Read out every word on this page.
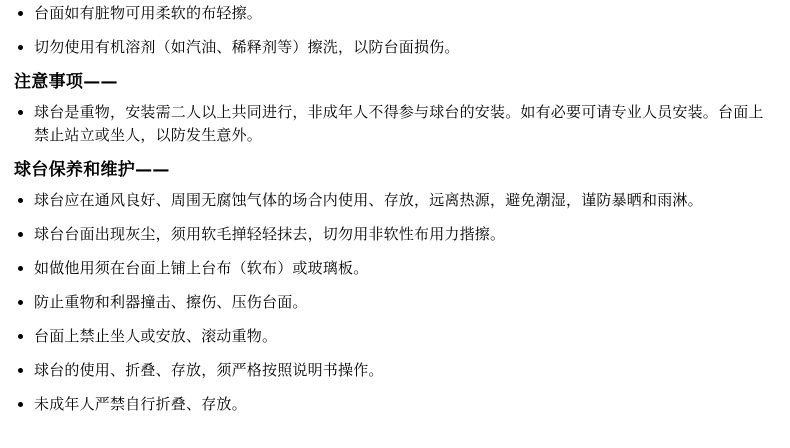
台面如有脏物可用柔软的布轻擦。
切勿使用有机溶剂（如汽油、稀释剂等）擦洗，以防台面损伤。
注意事项——
球台是重物，安装需二人以上共同进行，非成年人不得参与球台的安装。如有必要可请专业人员安装。台面上禁止站立或坐人，以防发生意外。
球台保养和维护——
球台应在通风良好、周围无腐蚀气体的场合内使用、存放，远离热源，避免潮湿，谨防暴晒和雨淋。
球台台面出现灰尘，须用软毛掸轻轻抹去，切勿用非软性布用力揩擦。
如做他用须在台面上铺上台布（软布）或玻璃板。
防止重物和利器撞击、擦伤、压伤台面。
台面上禁止坐人或安放、滚动重物。
球台的使用、折叠、存放，须严格按照说明书操作。
未成年人严禁自行折叠、存放。
